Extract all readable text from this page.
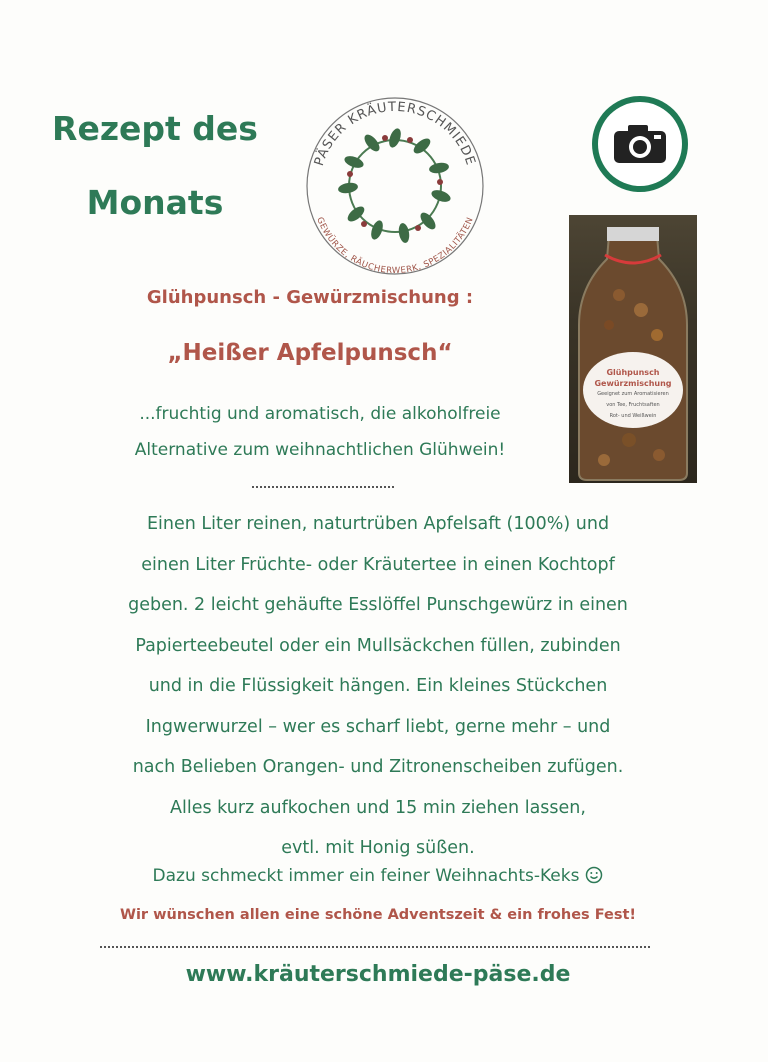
Rezept des
Monats
PÄSER KRÄUTERSCHMIEDE
GEWÜRZE, RÄUCHERWERK, SPEZIALITÄTEN
Glühpunsch
Gewürzmischung
Geeignet zum Aromatisieren
von Tee, Fruchtsaften
Rot- und Weißwein
Glühpunsch - Gewürzmischung :
„Heißer Apfelpunsch“
...fruchtig und aromatisch, die alkoholfreie
Alternative zum weihnachtlichen Glühwein!
Einen Liter reinen, naturtrüben Apfelsaft (100%) und
einen Liter Früchte- oder Kräutertee in einen Kochtopf
geben. 2 leicht gehäufte Esslöffel Punschgewürz in einen
Papierteebeutel oder ein Mullsäckchen füllen, zubinden
und in die Flüssigkeit hängen. Ein kleines Stückchen
Ingwerwurzel – wer es scharf liebt, gerne mehr – und
nach Belieben Orangen- und Zitronenscheiben zufügen.
Alles kurz aufkochen und 15 min ziehen lassen,
evtl. mit Honig süßen.
Dazu schmeckt immer ein feiner Weihnachts-Keks
Wir wünschen allen eine schöne Adventszeit & ein frohes Fest!
www.kräuterschmiede-päse.de
